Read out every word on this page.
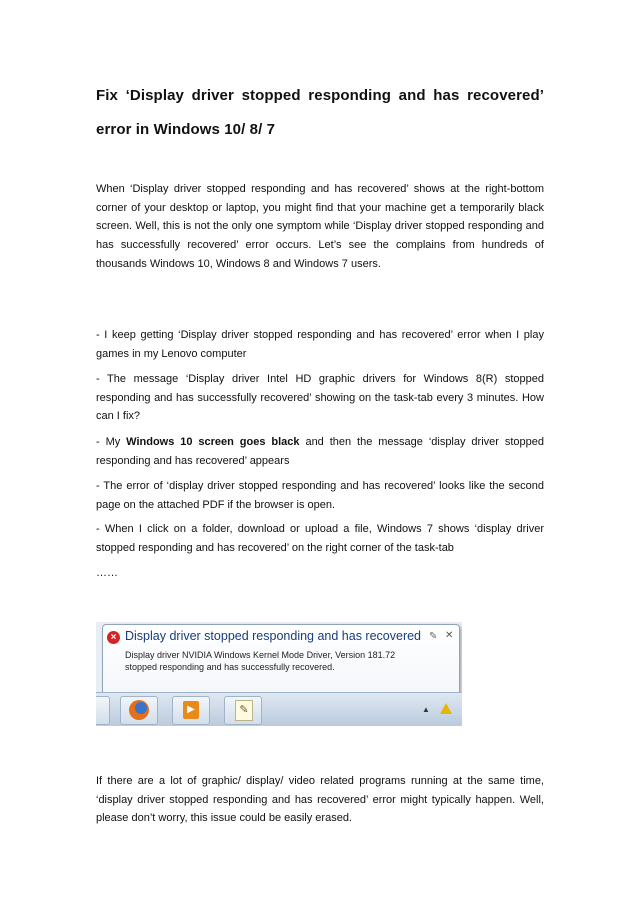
Fix ‘Display driver stopped responding and has recovered’

error in Windows 10/ 8/ 7

When ‘Display driver stopped responding and has recovered’ shows at the right-bottom corner of your desktop or laptop, you might find that your machine get a temporarily black screen. Well, this is not the only one symptom while ‘Display driver stopped responding and has successfully recovered’ error occurs. Let’s see the complains from hundreds of thousands Windows 10, Windows 8 and Windows 7 users.

- I keep getting ‘Display driver stopped responding and has recovered’ error when I play games in my Lenovo computer

- The message ‘Display driver Intel HD graphic drivers for Windows 8(R) stopped responding and has successfully recovered’ showing on the task-tab every 3 minutes. How can I fix?

- My Windows 10 screen goes black and then the message ‘display driver stopped responding and has recovered’ appears

- The error of ‘display driver stopped responding and has recovered’ looks like the second page on the attached PDF if the browser is open.

- When I click on a folder, download or upload a file, Windows 7 shows ‘display driver stopped responding and has recovered’ on the right corner of the task-tab

……

× Display driver stopped responding and has recovered
Display driver NVIDIA Windows Kernel Mode Driver, Version 181.72 stopped responding and has successfully recovered.
✎ ✕
▶	✎	▲

If there are a lot of graphic/ display/ video related programs running at the same time, ‘display driver stopped responding and has recovered’ error might typically happen. Well, please don’t worry, this issue could be easily erased.
